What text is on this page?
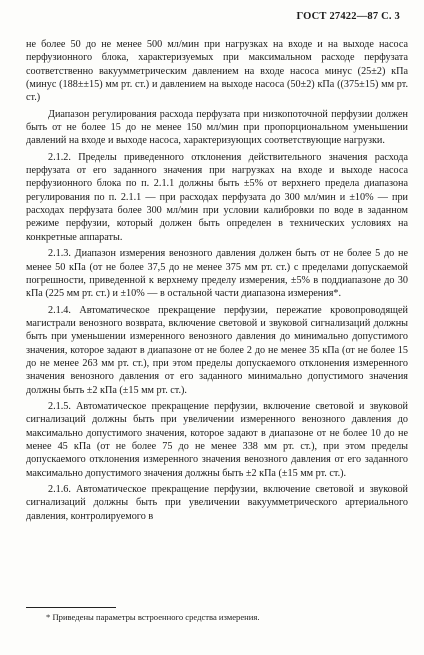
ГОСТ 27422—87 С. 3

не более 50 до не менее 500 мл/мин при нагрузках на входе и на выходе насоса перфузионного блока, характеризуемых при максимальном расходе перфузата соответственно вакуумметрическим давлением на входе насоса минус (25±2) кПа (минус (188±±15) мм рт. ст.) и давлением на выходе насоса (50±2) кПа ((375±15) мм рт. ст.)

Диапазон регулирования расхода перфузата при низкопоточной перфузии должен быть от не более 15 до не менее 150 мл/мин при пропорциональном уменьшении давлений на входе и выходе насоса, характеризующих соответствующие нагрузки.

2.1.2. Пределы приведенного отклонения действительного значения расхода перфузата от его заданного значения при нагрузках на входе и выходе насоса перфузионного блока по п. 2.1.1 должны быть ±5% от верхнего предела диапазона регулирования по п. 2.1.1 — при расходах перфузата до 300 мл/мин и ±10% — при расходах перфузата более 300 мл/мин при условии калибровки по воде в заданном режиме перфузии, который должен быть определен в технических условиях на конкретные аппараты.

2.1.3. Диапазон измерения венозного давления должен быть от не более 5 до не менее 50 кПа (от не более 37,5 до не менее 375 мм рт. ст.) с пределами допускаемой погрешности, приведенной к верхнему пределу измерения, ±5% в поддиапазоне до 30 кПа (225 мм рт. ст.) и ±10% — в остальной части диапазона измерения*.

2.1.4. Автоматическое прекращение перфузии, пережатие кровопроводящей магистрали венозного возврата, включение световой и звуковой сигнализаций должны быть при уменьшении измеренного венозного давления до минимально допустимого значения, которое задают в диапазоне от не более 2 до не менее 35 кПа (от не более 15 до не менее 263 мм рт. ст.), при этом пределы допускаемого отклонения измеренного значения венозного давления от его заданного минимально допустимого значения должны быть ±2 кПа (±15 мм рт. ст.).

2.1.5. Автоматическое прекращение перфузии, включение световой и звуковой сигнализаций должны быть при увеличении измеренного венозного давления до максимально допустимого значения, которое задают в диапазоне от не более 10 до не менее 45 кПа (от не более 75 до не менее 338 мм рт. ст.), при этом пределы допускаемого отклонения измеренного значения венозного давления от его заданного максимально допустимого значения должны быть ±2 кПа (±15 мм рт. ст.).

2.1.6. Автоматическое прекращение перфузии, включение световой и звуковой сигнализаций должны быть при увеличении вакуумметрического артериального давления, контролируемого в

* Приведены параметры встроенного средства измерения.
